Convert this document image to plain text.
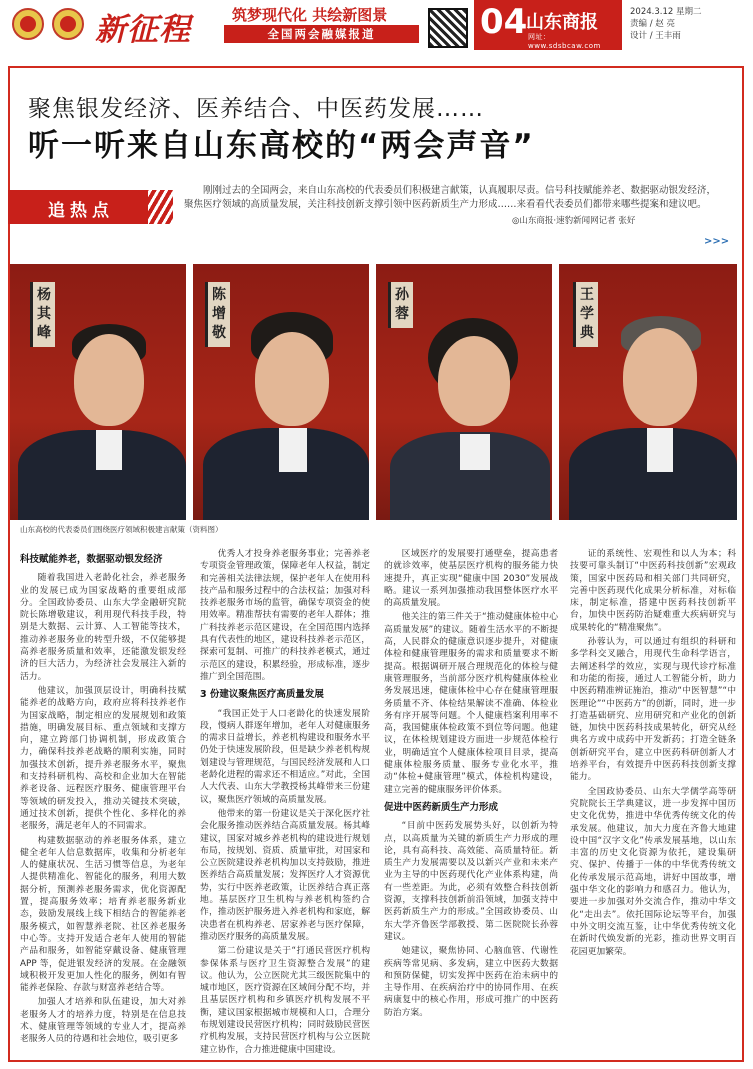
新征程	筑梦现代化 共绘新图景
全国两会融媒报道	04
山东商报
网址：www.sdsbcaw.com
2024.3.12 星期二
责编 / 赵 亮
设计 / 王丰雨
聚焦银发经济、医养结合、中医药发展……
听一听来自山东高校的“两会声音”
追热点
刚刚过去的全国两会，来自山东高校的代表委员们积极建言献策，认真履职尽责。信号科技赋能养老、数据驱动银发经济，聚焦医疗领域的高质量发展，关注科技创新支撑引领中医药新质生产力形成……来看看代表委员们都带来哪些提案和建议吧。
◎山东商报·速豹新闻网记者 张好
>>>
杨其峰
陈增敬
孙蓉
王学典
山东高校的代表委员们围绕医疗领域积极建言献策（资料图）
科技赋能养老，数据驱动银发经济

随着我国进入老龄化社会，养老服务业的发展已成为国家战略的重要组成部分。全国政协委员、山东大学金融研究院院长陈增敬建议，利用现代科技手段，特别是大数据、云计算、人工智能等技术，推动养老服务业的转型升级，不仅能够提高养老服务质量和效率，还能激发银发经济的巨大活力，为经济社会发展注入新的活力。

他建议，加强顶层设计，明确科技赋能养老的战略方向，政府应将科技养老作为国家战略，制定相应的发展规划和政策措施，明确发展目标、重点领域和支撑方向，建立跨部门协调机制，形成政策合力，确保科技养老战略的顺利实施，同时加强技术创新，提升养老服务水平，聚焦和支持科研机构、高校和企业加大在智能养老设备、远程医疗服务、健康管理平台等领域的研发投入，推动关键技术突破，通过技术创新，提供个性化、多样化的养老服务，满足老年人的不同需求。

构建数据驱动的养老服务体系，建立健全老年人信息数据库，收集和分析老年人的健康状况、生活习惯等信息，为老年人提供精准化、智能化的服务，利用大数据分析，预测养老服务需求，优化资源配置，提高服务效率；培育养老服务新业态，鼓励发展线上线下相结合的智能养老服务模式，如智慧养老院、社区养老服务中心等。支持开发适合老年人使用的智能产品和服务，如智能穿戴设备、健康管理 APP 等，促进银发经济的发展。在金融领域积极开发更加人性化的服务，例如有智能养老保险、存款与财富养老结合等。

加强人才培养和队伍建设，加大对养老服务人才的培养力度，特别是在信息技术、健康管理等领域的专业人才，提高养老服务人员的待遇和社会地位，吸引更多

优秀人才投身养老服务事业；完善养老专项资金管理政策，保障老年人权益，制定和完善相关法律法规，保护老年人在使用科技产品和服务过程中的合法权益；加强对科技养老服务市场的监管，确保专项资金的使用效率。精准帮扶有需要的老年人群体；推广科技养老示范区建设，在全国范围内选择具有代表性的地区，建设科技养老示范区，探索可复制、可推广的科技养老模式，通过示范区的建设，积累经验，形成标准，逐步推广到全国范围。

3 份建议聚焦医疗高质量发展

“我国正处于人口老龄化的快速发展阶段，慢病人群逐年增加，老年人对健康服务的需求日益增长，养老机构建设和服务水平仍处于快速发展阶段，但是缺少养老机构规划建设与管理规范，与国民经济发展和人口老龄化进程的需求还不相适应。”对此，全国人大代表、山东大学教授杨其峰带来三份建议，聚焦医疗领域的高质量发展。

他带来的第一份建议是关于深化医疗社会化服务推动医养结合高质量发展。杨其峰建议，国家对城乡养老机构的建设进行规划布局，按规划、资质、质量审批，对国家和公立医院建设养老机构加以支持鼓励，推进医养结合高质量发展；发挥医疗人才资源优势，实行中医养老政策，让医养结合真正落地。基层医疗卫生机构与养老机构签约合作，推动医护服务进入养老机构和家庭，解决患者在机构养老、居家养老与医疗保障，推动医疗服务的高质量发展。

第二份建议是关于“打通民营医疗机构参保体系与医疗卫生资源整合发展”的建议。他认为，公立医院尤其三级医院集中的城市地区，医疗资源在区域间分配不均，并且基层医疗机构和乡镇医疗机构发展不平衡，建议国家根据城市规模和人口，合理分布规划建设民营医疗机构；同时鼓励民营医疗机构发展，支持民营医疗机构与公立医院建立协作，合力推进健康中国建设。

区域医疗的发展要打通壁垒，提高患者的就诊效率，使基层医疗机构的服务能力快速提升，真正实现“健康中国 2030”发展战略。建议一系列加强推动我国整体医疗水平的高质量发展。

他关注的第三件关于“推动健康体检中心高质量发展”的建议。随着生活水平的不断提高，人民群众的健康意识逐步提升，对健康体检和健康管理服务的需求和质量要求不断提高。根据调研开展合理规范化的体检与健康管理服务，当前部分医疗机构健康体检业务发展迅速，健康体检中心存在健康管理服务质量不齐、体检结果解读不准确、体检业务有序开展等问题。个人健康档案利用率不高，我国健康体检政策不到位等问题。他建议，在体检规划建设方面进一步规范体检行业，明确适宜个人健康体检项目目录，提高健康体检服务质量、服务专业化水平，推动“体检+健康管理”模式，体检机构建设，建立完善的健康服务评价体系。

促进中医药新质生产力形成

“目前中医药发展势头好，以创新为特点，以高质量为关键的新质生产力形成的理论，具有高科技、高效能、高质量特征。新质生产力发展需要以及以新兴产业和未来产业为主导的中医药现代化产业体系构建，尚有一些差距。为此，必须有效整合科技创新资源，支撑科技创新前沿领域，加强支持中医药新质生产力的形成。”全国政协委员、山东大学齐鲁医学部教授、第二医院院长孙蓉建议。

她建议，聚焦协同、心脑血管、代谢性疾病等常见病、多发病，建立中医药大数据和预防保健，切实发挥中医药在治未病中的主导作用、在疾病治疗中的协同作用、在疾病康复中的核心作用，形成可推广的中医药防治方案。

证的系统性、宏观性和以人为本；科技要可靠头制订“中医药科技创新”宏观政策，国家中医药局和相关部门共同研究，完善中医药现代化成果分析标准，对标临床，制定标准，搭建中医药科技创新平台，加快中医药防治疑难重大疾病研究与成果转化的“精准聚焦”。

孙蓉认为，可以通过有组织的科研和多学科交叉融合，用现代生命科学语言，去阐述科学的效应，实现与现代诊疗标准和功能的衔接，通过人工智能分析，助力中医药精准辨证施治，推动“中医智慧”“中医理论”“中医药方”的创新，同时，进一步打造基础研究、应用研究和产业化的创新链，加快中医药科技成果转化，研究从经典名方或中成药中开发新药；打造全链条创新研究平台，建立中医药科研创新人才培养平台，有效提升中医药科技创新支撑能力。

全国政协委员、山东大学儒学高等研究院院长王学典建议，进一步发挥中国历史文化优势，推进中华优秀传统文化的传承发展。他建议，加大力度在齐鲁大地建设中国“汉字文化”传承发展基地，以山东丰富的历史文化资源为依托，建设集研究、保护、传播于一体的中华优秀传统文化传承发展示范高地，讲好中国故事，增强中华文化的影响力和感召力。他认为，要进一步加强对外交流合作，推动中华文化“走出去”。依托国际论坛等平台，加强中外文明交流互鉴，让中华优秀传统文化在新时代焕发新的光彩，推动世界文明百花园更加繁荣。
